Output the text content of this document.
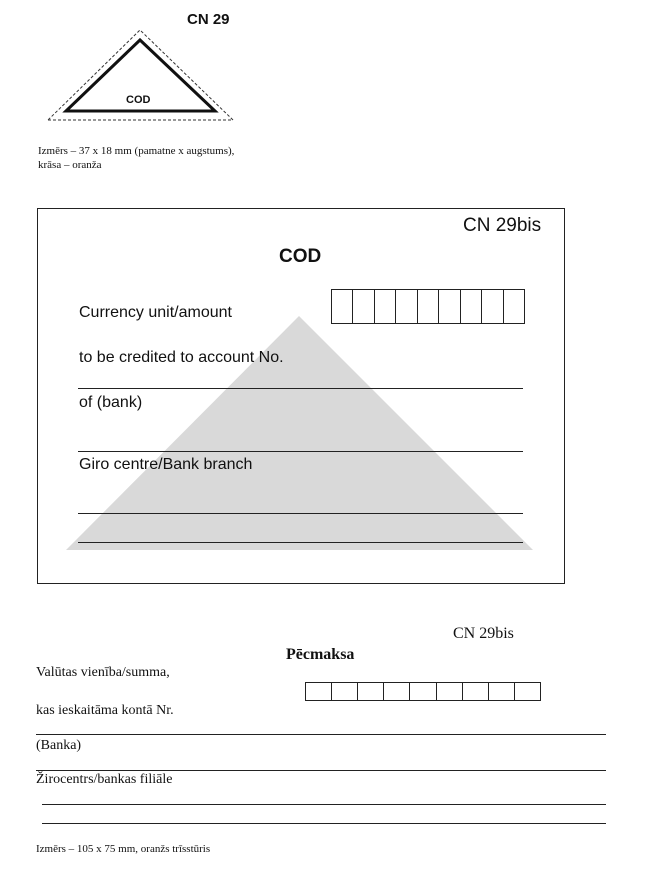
CN 29
COD
Izmērs – 37 x 18 mm (pamatne x augstums),
krāsa – oranža
CN 29bis
COD
Currency unit/amount
to be credited to account No.
of (bank)
Giro centre/Bank branch
CN 29bis
Pēcmaksa
Valūtas vienība/summa,
kas ieskaitāma kontā Nr.
(Banka)
Žirocentrs/bankas filiāle
Izmērs – 105 x 75 mm, oranžs trīsstūris
